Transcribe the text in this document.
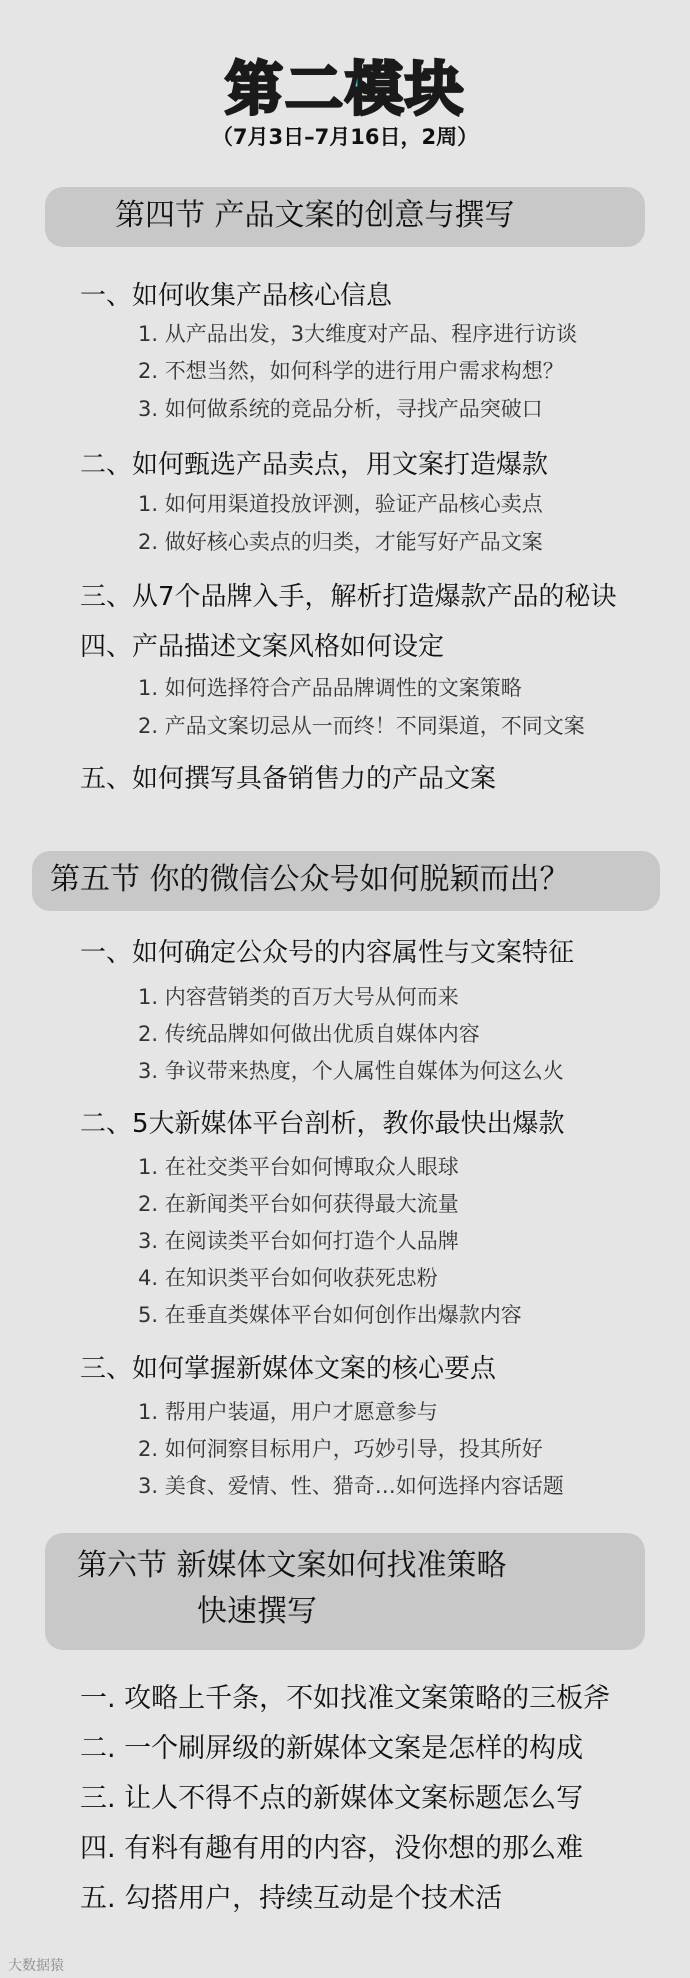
第二模块
（7月3日–7月16日，2周）
第四节 产品文案的创意与撰写
一、如何收集产品核心信息
1. 从产品出发，3大维度对产品、程序进行访谈
2. 不想当然，如何科学的进行用户需求构想？
3. 如何做系统的竞品分析，寻找产品突破口
二、如何甄选产品卖点，用文案打造爆款
1. 如何用渠道投放评测，验证产品核心卖点
2. 做好核心卖点的归类，才能写好产品文案
三、从7个品牌入手，解析打造爆款产品的秘诀
四、产品描述文案风格如何设定
1. 如何选择符合产品品牌调性的文案策略
2. 产品文案切忌从一而终！不同渠道，不同文案
五、如何撰写具备销售力的产品文案
第五节 你的微信公众号如何脱颖而出？
一、如何确定公众号的内容属性与文案特征
1. 内容营销类的百万大号从何而来
2. 传统品牌如何做出优质自媒体内容
3. 争议带来热度，个人属性自媒体为何这么火
二、5大新媒体平台剖析，教你最快出爆款
1. 在社交类平台如何博取众人眼球
2. 在新闻类平台如何获得最大流量
3. 在阅读类平台如何打造个人品牌
4. 在知识类平台如何收获死忠粉
5. 在垂直类媒体平台如何创作出爆款内容
三、如何掌握新媒体文案的核心要点
1. 帮用户装逼，用户才愿意参与
2. 如何洞察目标用户，巧妙引导，投其所好
3. 美食、爱情、性、猎奇…如何选择内容话题
第六节 新媒体文案如何找准策略
快速撰写
一. 攻略上千条，不如找准文案策略的三板斧
二. 一个刷屏级的新媒体文案是怎样的构成
三. 让人不得不点的新媒体文案标题怎么写
四. 有料有趣有用的内容，没你想的那么难
五. 勾搭用户，持续互动是个技术活
大数据猿
